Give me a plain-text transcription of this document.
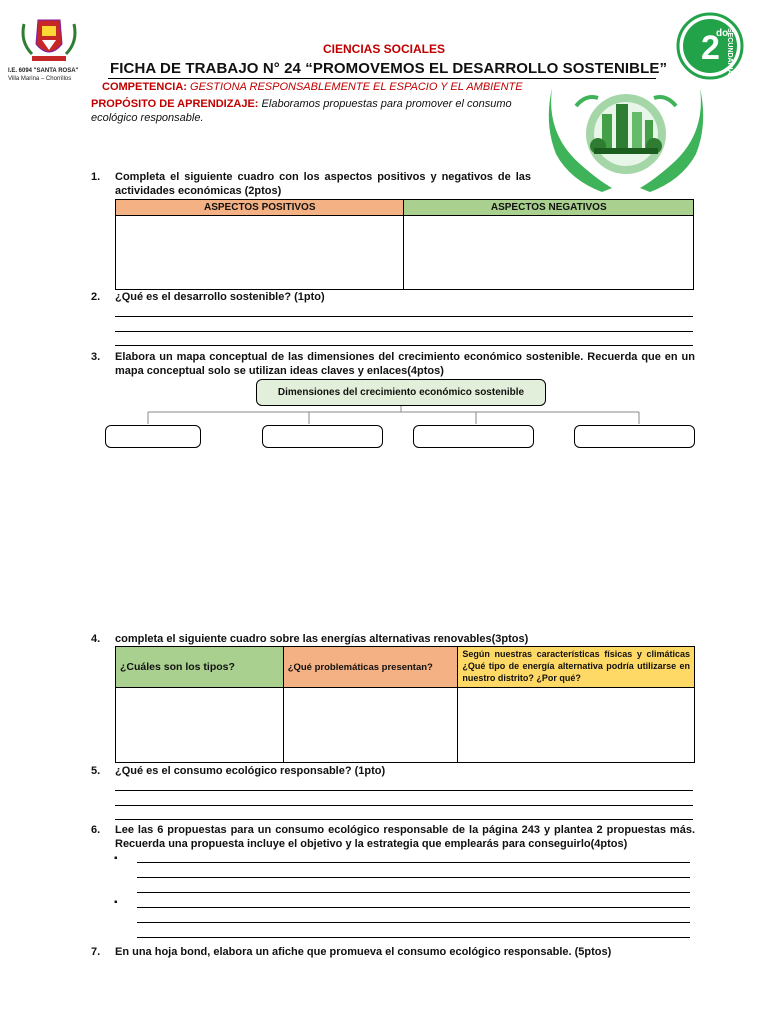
I.E. 6094 "SANTA ROSA"
Villa Marina – Chorrillos
2
do
SECUNDARIA
CIENCIAS SOCIALES
FICHA DE TRABAJO N° 24 “PROMOVEMOS EL DESARROLLO SOSTENIBLE”
COMPETENCIA: GESTIONA RESPONSABLEMENTE EL ESPACIO Y EL AMBIENTE
PROPÓSITO DE APRENDIZAJE: Elaboramos propuestas para promover el consumo ecológico responsable.
1. Completa el siguiente cuadro con los aspectos positivos y negativos de las actividades económicas (2ptos)
ASPECTOS POSITIVOS	ASPECTOS NEGATIVOS

2. ¿Qué es el desarrollo sostenible? (1pto)
3. Elabora un mapa conceptual de las dimensiones del crecimiento económico sostenible. Recuerda que en un mapa conceptual solo se utilizan ideas claves y enlaces(4ptos)
Dimensiones del crecimiento económico sostenible
4. completa el siguiente cuadro sobre las energías alternativas renovables(3ptos)
¿Cuáles son los tipos?	¿Qué problemáticas presentan?	Según nuestras características físicas y climáticas ¿Qué tipo de energía alternativa podría utilizarse en nuestro distrito? ¿Por qué?

5. ¿Qué es el consumo ecológico responsable? (1pto)
6. Lee las 6 propuestas para un consumo ecológico responsable de la página 243 y plantea 2 propuestas más. Recuerda una propuesta incluye el objetivo y la estrategia que emplearás para conseguirlo(4ptos)
▪
▪
7. En una hoja bond, elabora un afiche que promueva el consumo ecológico responsable. (5ptos)
